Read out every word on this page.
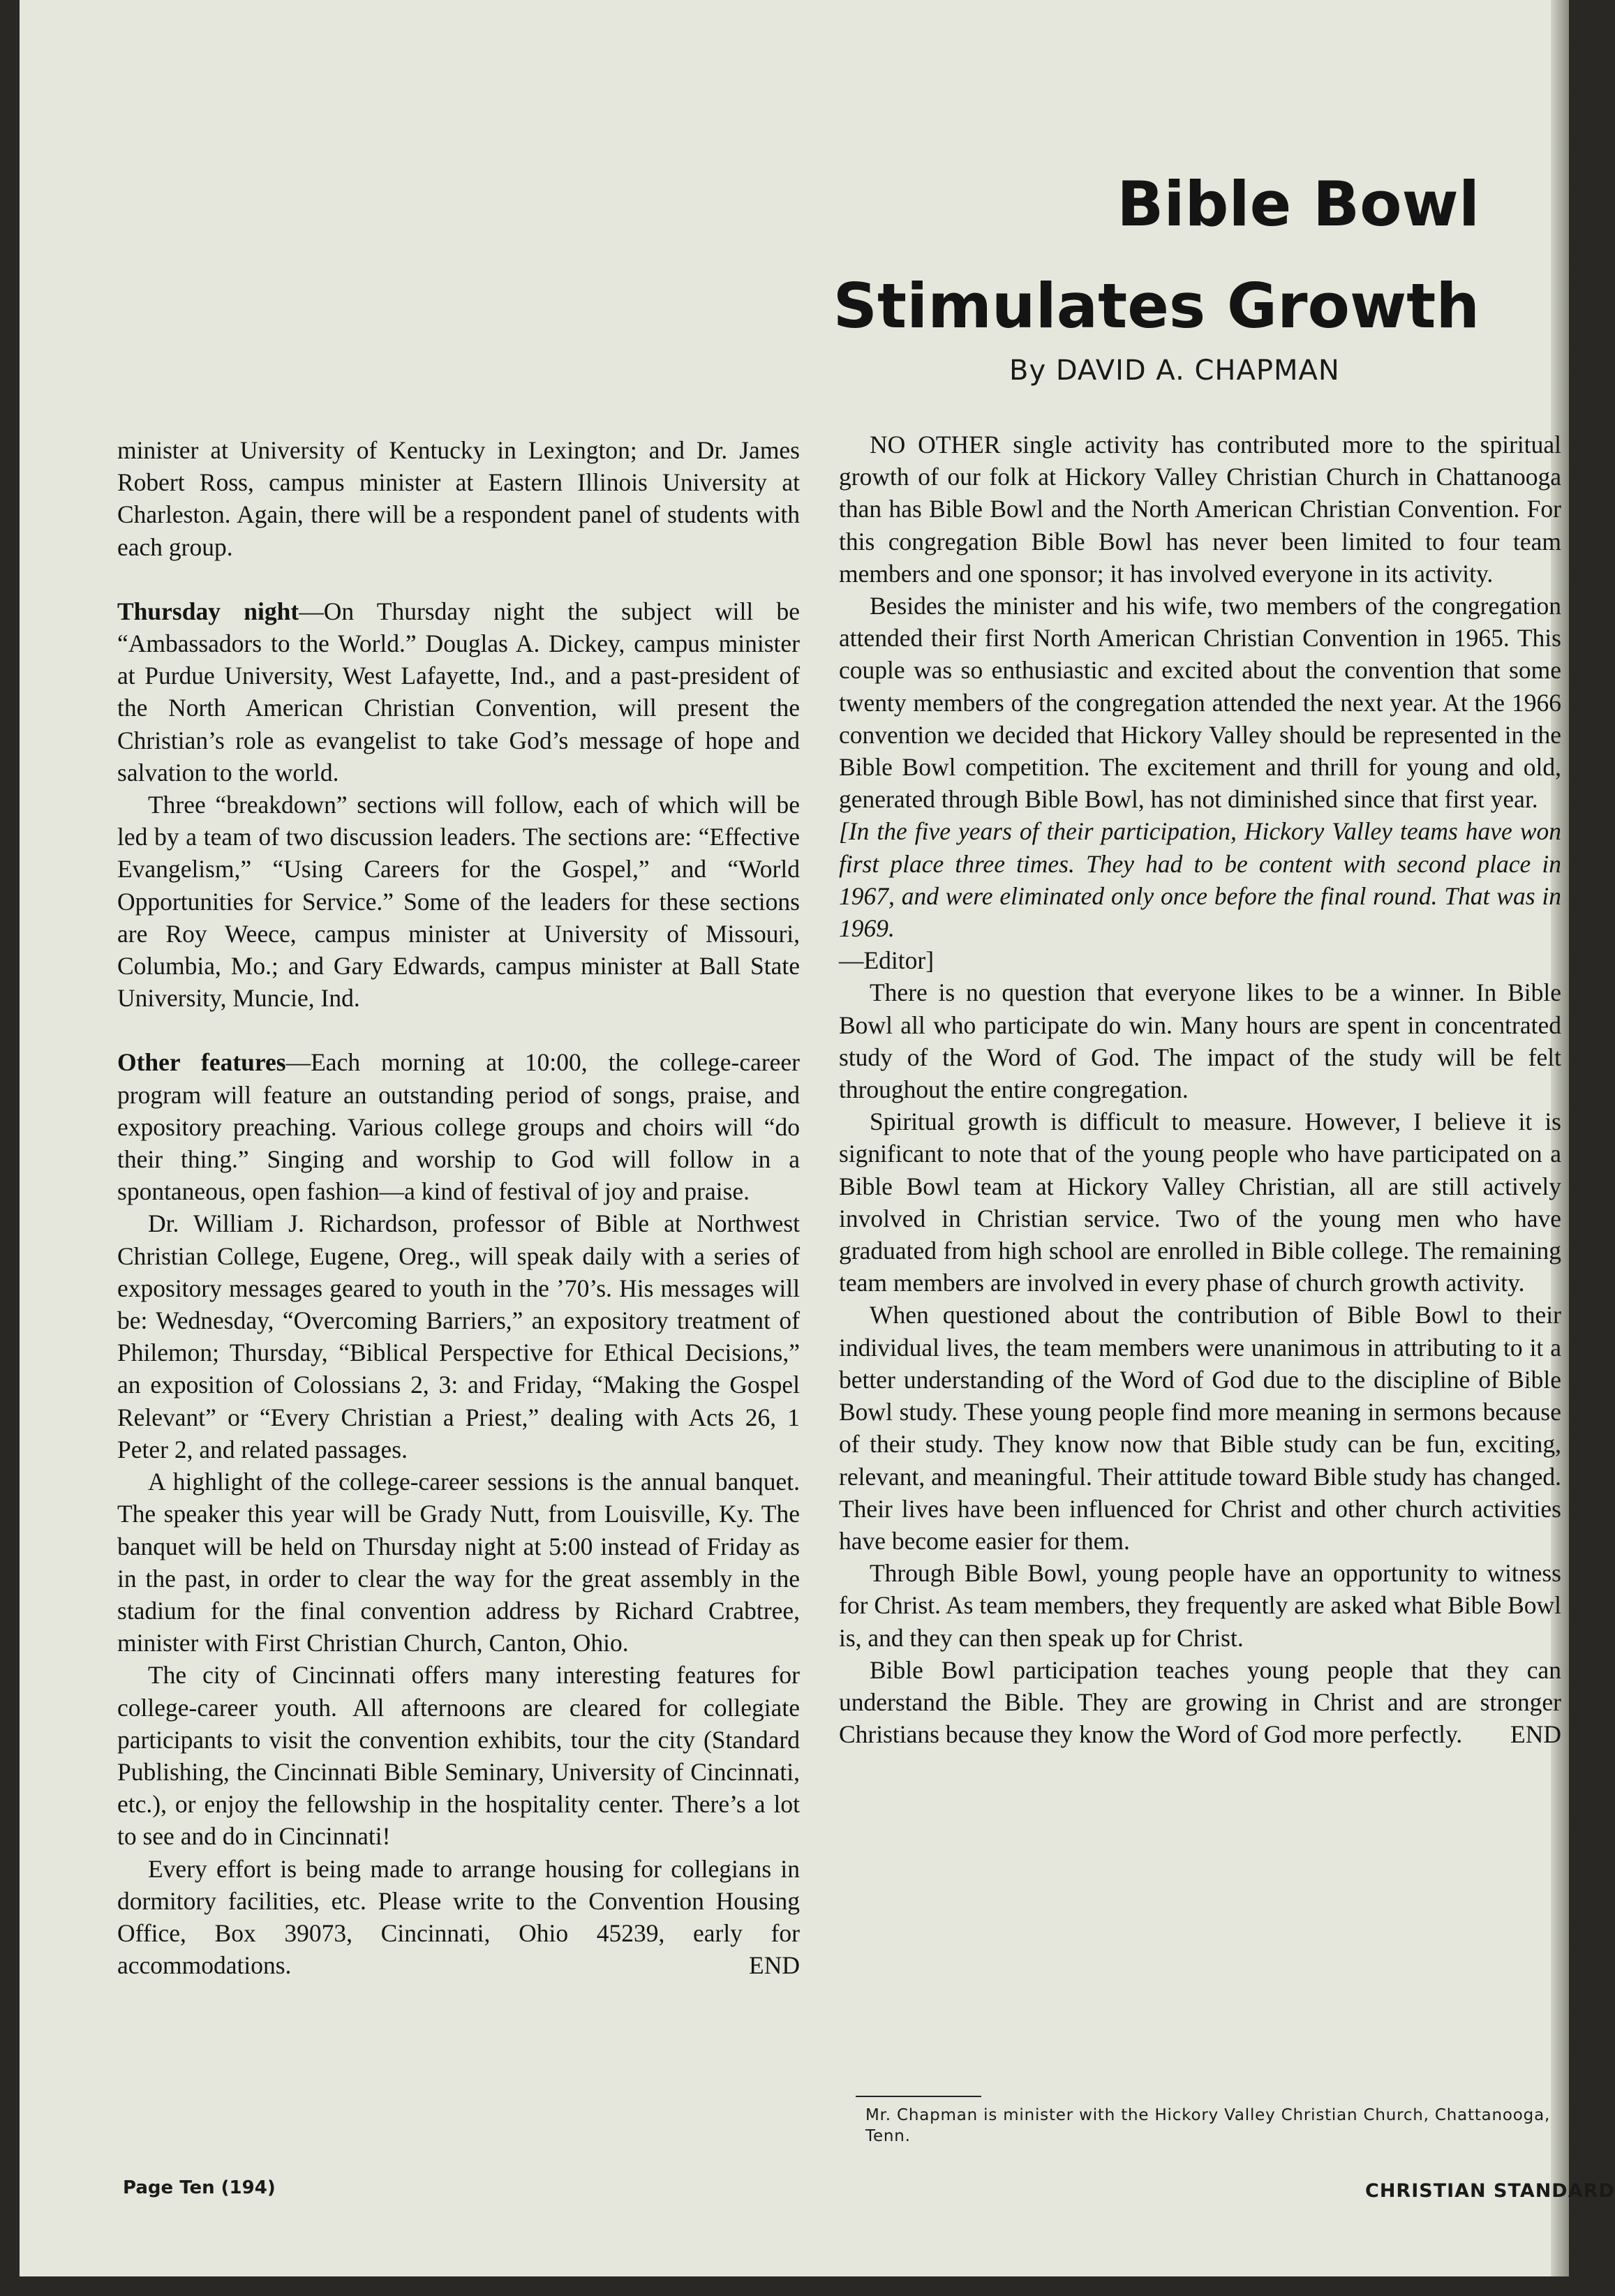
Bible Bowl
Stimulates Growth

By DAVID A. CHAPMAN

minister at University of Kentucky in Lexington; and Dr. James Robert Ross, campus minister at Eastern Illinois University at Charleston. Again, there will be a respondent panel of students with each group.

Thursday night—On Thursday night the subject will be “Ambassadors to the World.” Douglas A. Dickey, campus minister at Purdue University, West Lafayette, Ind., and a past-president of the North American Christian Convention, will present the Christian’s role as evangelist to take God’s message of hope and salvation to the world.

Three “breakdown” sections will follow, each of which will be led by a team of two discussion leaders. The sections are: “Effective Evangelism,” “Using Careers for the Gospel,” and “World Opportunities for Service.” Some of the leaders for these sections are Roy Weece, campus minister at University of Missouri, Columbia, Mo.; and Gary Edwards, campus minister at Ball State University, Muncie, Ind.

Other features—Each morning at 10:00, the college-career program will feature an outstanding period of songs, praise, and expository preaching. Various college groups and choirs will “do their thing.” Singing and worship to God will follow in a spontaneous, open fashion—a kind of festival of joy and praise.

Dr. William J. Richardson, professor of Bible at Northwest Christian College, Eugene, Oreg., will speak daily with a series of expository messages geared to youth in the ’70’s. His messages will be: Wednesday, “Overcoming Barriers,” an expository treatment of Philemon; Thursday, “Biblical Perspective for Ethical Decisions,” an exposition of Colossians 2, 3: and Friday, “Making the Gospel Relevant” or “Every Christian a Priest,” dealing with Acts 26, 1 Peter 2, and related passages.

A highlight of the college-career sessions is the annual banquet. The speaker this year will be Grady Nutt, from Louisville, Ky. The banquet will be held on Thursday night at 5:00 instead of Friday as in the past, in order to clear the way for the great assembly in the stadium for the final convention address by Richard Crabtree, minister with First Christian Church, Canton, Ohio.

The city of Cincinnati offers many interesting features for college-career youth. All afternoons are cleared for collegiate participants to visit the convention exhibits, tour the city (Standard Publishing, the Cincinnati Bible Seminary, University of Cincinnati, etc.), or enjoy the fellowship in the hospitality center. There’s a lot to see and do in Cincinnati!

Every effort is being made to arrange housing for collegians in dormitory facilities, etc. Please write to the Convention Housing Office, Box 39073, Cincinnati, Ohio 45239, early for accommodations.	END

NO OTHER single activity has contributed more to the spiritual growth of our folk at Hickory Valley Christian Church in Chattanooga than has Bible Bowl and the North American Christian Convention. For this congregation Bible Bowl has never been limited to four team members and one sponsor; it has involved everyone in its activity.

Besides the minister and his wife, two members of the congregation attended their first North American Christian Convention in 1965. This couple was so enthusiastic and excited about the convention that some twenty members of the congregation attended the next year. At the 1966 convention we decided that Hickory Valley should be represented in the Bible Bowl competition. The excitement and thrill for young and old, generated through Bible Bowl, has not diminished since that first year.

[In the five years of their participation, Hickory Valley teams have won first place three times. They had to be content with second place in 1967, and were eliminated only once before the final round. That was in 1969.
—Editor]

There is no question that everyone likes to be a winner. In Bible Bowl all who participate do win. Many hours are spent in concentrated study of the Word of God. The impact of the study will be felt throughout the entire congregation.

Spiritual growth is difficult to measure. However, I believe it is significant to note that of the young people who have participated on a Bible Bowl team at Hickory Valley Christian, all are still actively involved in Christian service. Two of the young men who have graduated from high school are enrolled in Bible college. The remaining team members are involved in every phase of church growth activity.

When questioned about the contribution of Bible Bowl to their individual lives, the team members were unanimous in attributing to it a better understanding of the Word of God due to the discipline of Bible Bowl study. These young people find more meaning in sermons because of their study. They know now that Bible study can be fun, exciting, relevant, and meaningful. Their attitude toward Bible study has changed. Their lives have been influenced for Christ and other church activities have become easier for them.

Through Bible Bowl, young people have an opportunity to witness for Christ. As team members, they frequently are asked what Bible Bowl is, and they can then speak up for Christ.

Bible Bowl participation teaches young people that they can understand the Bible. They are growing in Christ and are stronger Christians because they know the Word of God more perfectly.	END

Mr. Chapman is minister with the Hickory Valley Christian Church, Chattanooga, Tenn.

Page Ten (194)	CHRISTIAN STANDARD
